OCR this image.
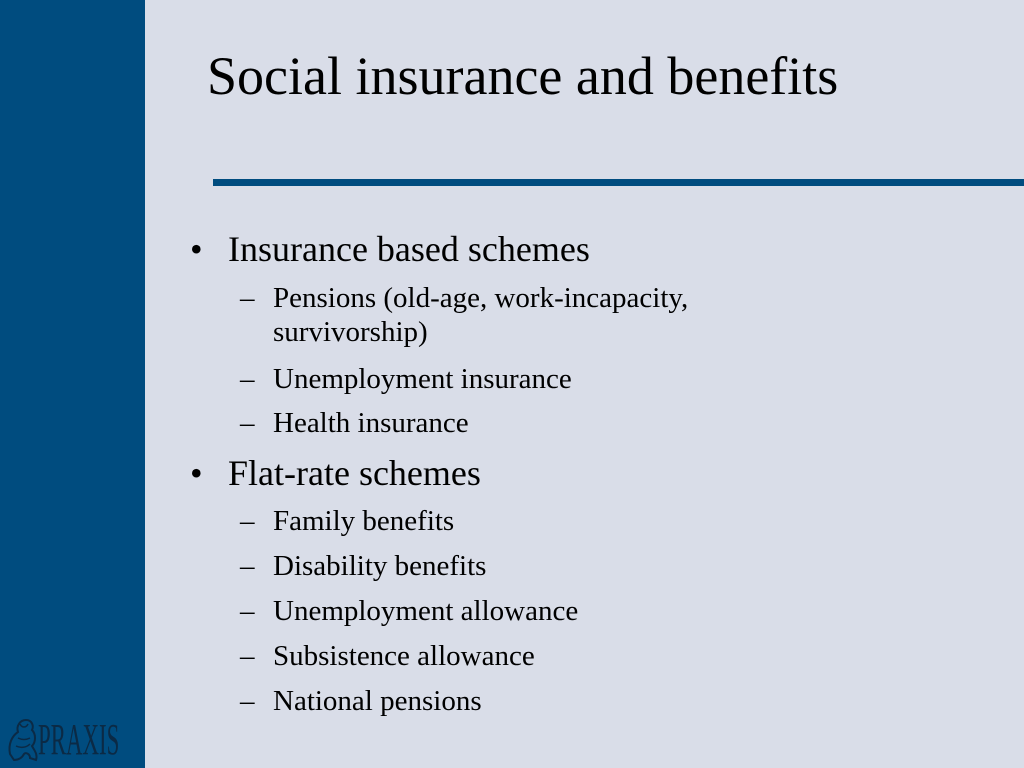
PRAXIS
Social insurance and benefits
• Insurance based schemes
– Pensions (old-age, work-incapacity, survivorship)
– Unemployment insurance
– Health insurance
• Flat-rate schemes
– Family benefits
– Disability benefits
– Unemployment allowance
– Subsistence allowance
– National pensions
